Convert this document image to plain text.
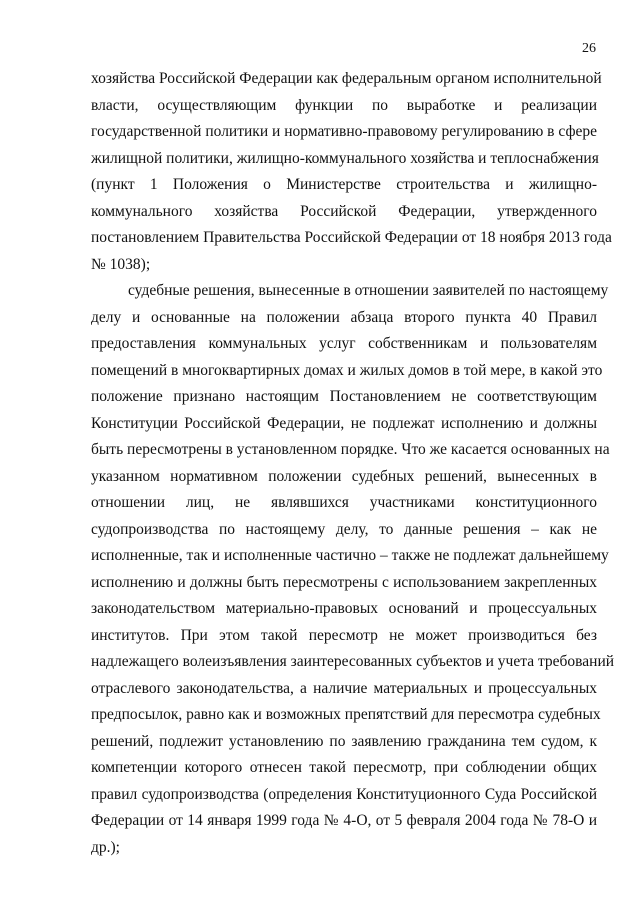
26
хозяйства Российской Федерации как федеральным органом исполнительной
власти, осуществляющим функции по выработке и реализации
государственной политики и нормативно-правовому регулированию в сфере
жилищной политики, жилищно-коммунального хозяйства и теплоснабжения
(пункт 1 Положения о Министерстве строительства и жилищно-
коммунального хозяйства Российской Федерации, утвержденного
постановлением Правительства Российской Федерации от 18 ноября 2013 года
№ 1038);
судебные решения, вынесенные в отношении заявителей по настоящему
делу и основанные на положении абзаца второго пункта 40 Правил
предоставления коммунальных услуг собственникам и пользователям
помещений в многоквартирных домах и жилых домов в той мере, в какой это
положение признано настоящим Постановлением не соответствующим
Конституции Российской Федерации, не подлежат исполнению и должны
быть пересмотрены в установленном порядке. Что же касается основанных на
указанном нормативном положении судебных решений, вынесенных в
отношении лиц, не являвшихся участниками конституционного
судопроизводства по настоящему делу, то данные решения – как не
исполненные, так и исполненные частично – также не подлежат дальнейшему
исполнению и должны быть пересмотрены с использованием закрепленных
законодательством материально-правовых оснований и процессуальных
институтов. При этом такой пересмотр не может производиться без
надлежащего волеизъявления заинтересованных субъектов и учета требований
отраслевого законодательства, а наличие материальных и процессуальных
предпосылок, равно как и возможных препятствий для пересмотра судебных
решений, подлежит установлению по заявлению гражданина тем судом, к
компетенции которого отнесен такой пересмотр, при соблюдении общих
правил судопроизводства (определения Конституционного Суда Российской
Федерации от 14 января 1999 года № 4-О, от 5 февраля 2004 года № 78-О и
др.);
